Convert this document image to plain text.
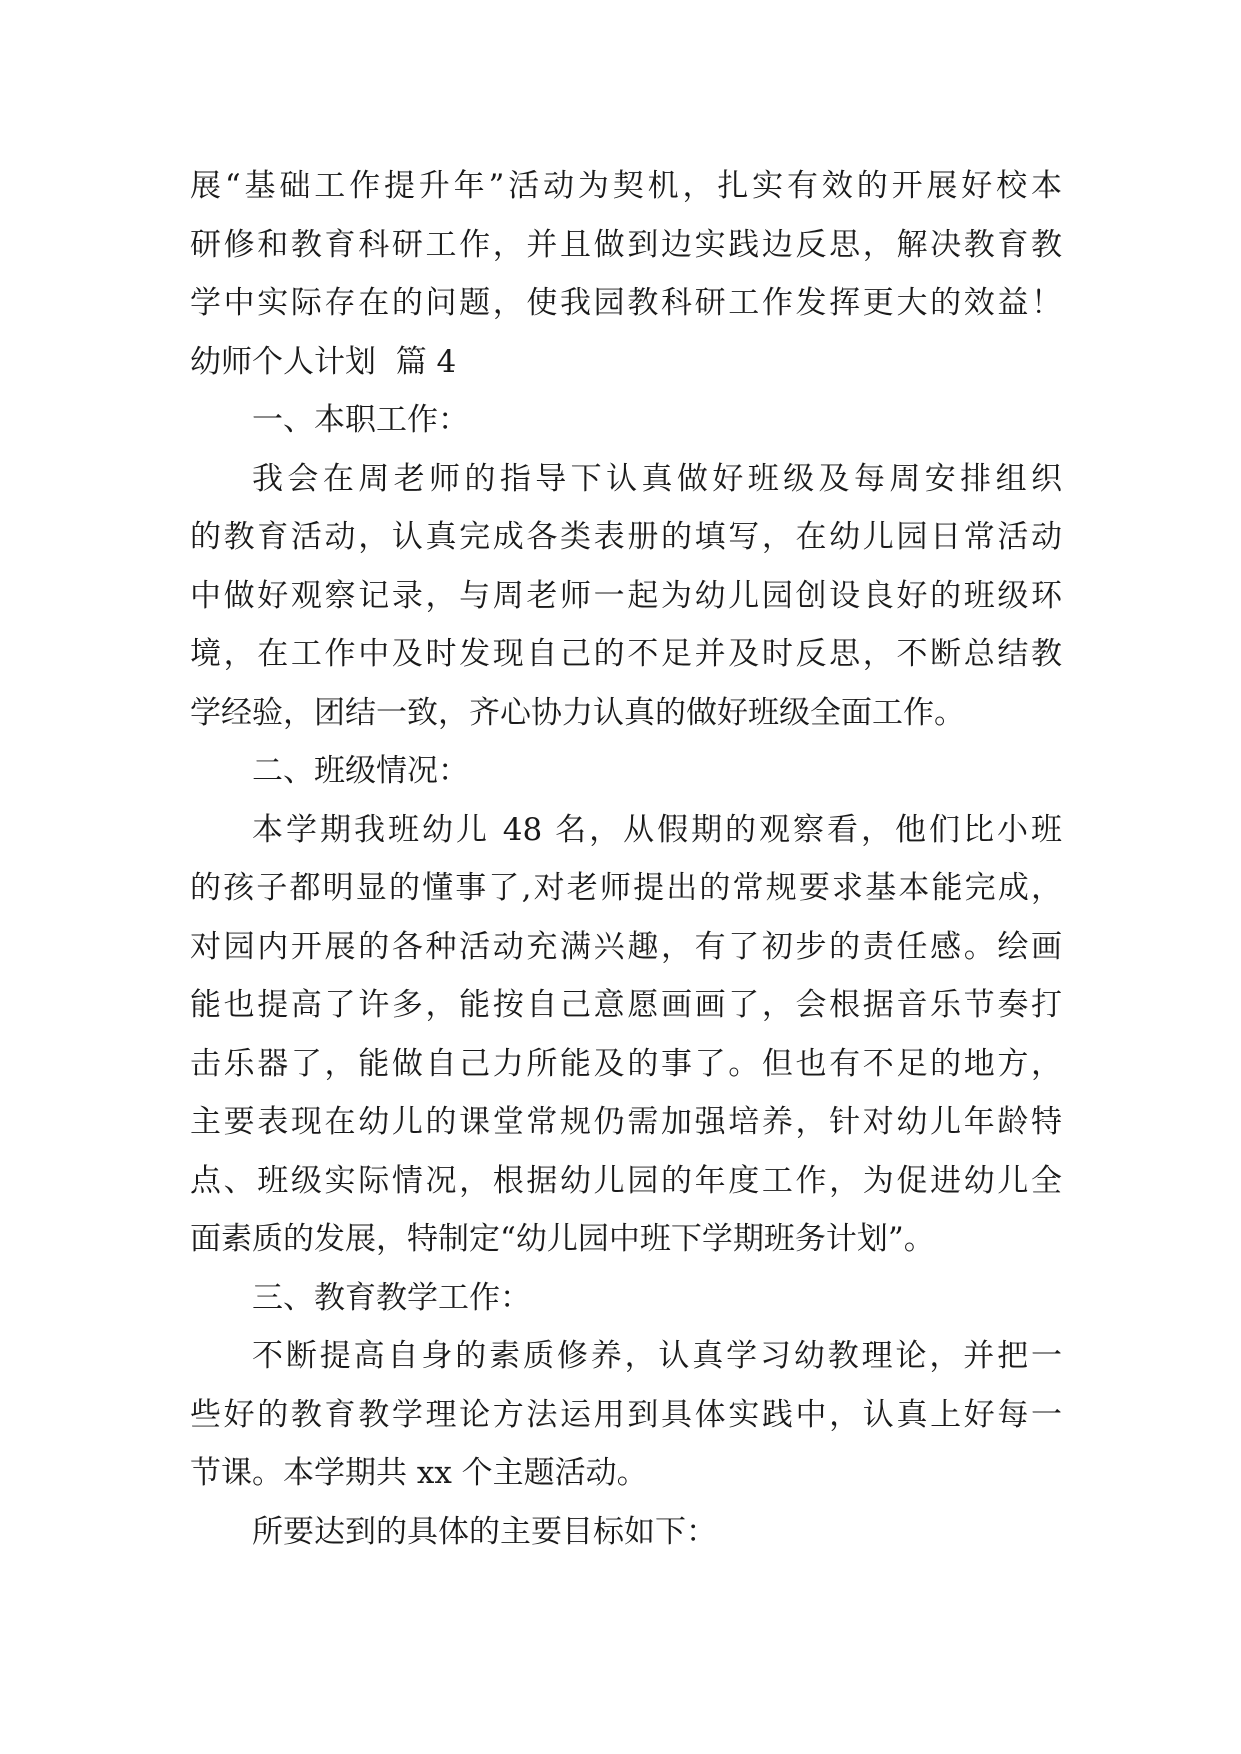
展“基础工作提升年”活动为契机，扎实有效的开展好校本
研修和教育科研工作，并且做到边实践边反思，解决教育教
学中实际存在的问题，使我园教科研工作发挥更大的效益！
幼师个人计划  篇 4
一、本职工作：
我会在周老师的指导下认真做好班级及每周安排组织
的教育活动，认真完成各类表册的填写，在幼儿园日常活动
中做好观察记录，与周老师一起为幼儿园创设良好的班级环
境，在工作中及时发现自己的不足并及时反思，不断总结教
学经验，团结一致，齐心协力认真的做好班级全面工作。
二、班级情况：
本学期我班幼儿 48 名，从假期的观察看，他们比小班
的孩子都明显的懂事了,对老师提出的常规要求基本能完成，
对园内开展的各种活动充满兴趣，有了初步的责任感。绘画
能也提高了许多，能按自己意愿画画了，会根据音乐节奏打
击乐器了，能做自己力所能及的事了。但也有不足的地方，
主要表现在幼儿的课堂常规仍需加强培养，针对幼儿年龄特
点、班级实际情况，根据幼儿园的年度工作，为促进幼儿全
面素质的发展，特制定“幼儿园中班下学期班务计划”。
三、教育教学工作：
不断提高自身的素质修养，认真学习幼教理论，并把一
些好的教育教学理论方法运用到具体实践中，认真上好每一
节课。本学期共 xx 个主题活动。
所要达到的具体的主要目标如下：
